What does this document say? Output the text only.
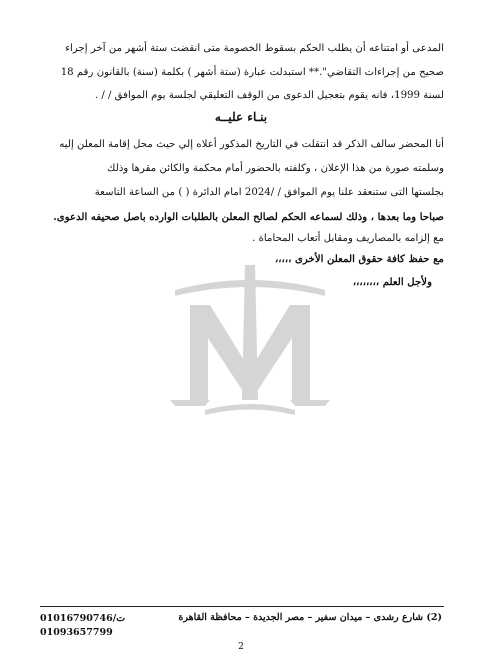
المدعى أو امتناعه أن يطلب الحكم بسقوط الخصومة متى انقضت ستة أشهر من آخر إجراء
صحيح من إجراءات التقاضي".** استبدلت عبارة (ستة أشهر ) بكلمة (سنة) بالقانون رقم 18
لسنة 1999، فانه يقوم بتعجيل الدعوى من الوقف التعليقي لجلسة يوم الموافق / / .
بنـاء عليــه
أنا المحضر سالف الذكر قد انتقلت في التاريخ المذكور أعلاه إلي حيث محل إقامة المعلن إليه
وسلمته صورة من هذا الإعلان ، وكلفته بالحضور أمام محكمة والكائن مقرها وذلك
بجلستها التى ستنعقد علنا يوم الموافق / /2024 امام الدائرة ( ) من الساعة التاسعة
صباحا وما بعدها ، وذلك لسماعه الحكم لصالح المعلن بالطلبات الوارده باصل صحيفه الدعوى.
مع إلزامه بالمصاريف ومقابل أتعاب المحاماة .
مع حفظ كافة حقوق المعلن الأخرى ،،،،،
ولأجل العلم ،،،،،،،،
(2) شارع رشدى – ميدان سفير – مصر الجديدة – محافظة القاهرة
ت/01016790746
01093657799
2
